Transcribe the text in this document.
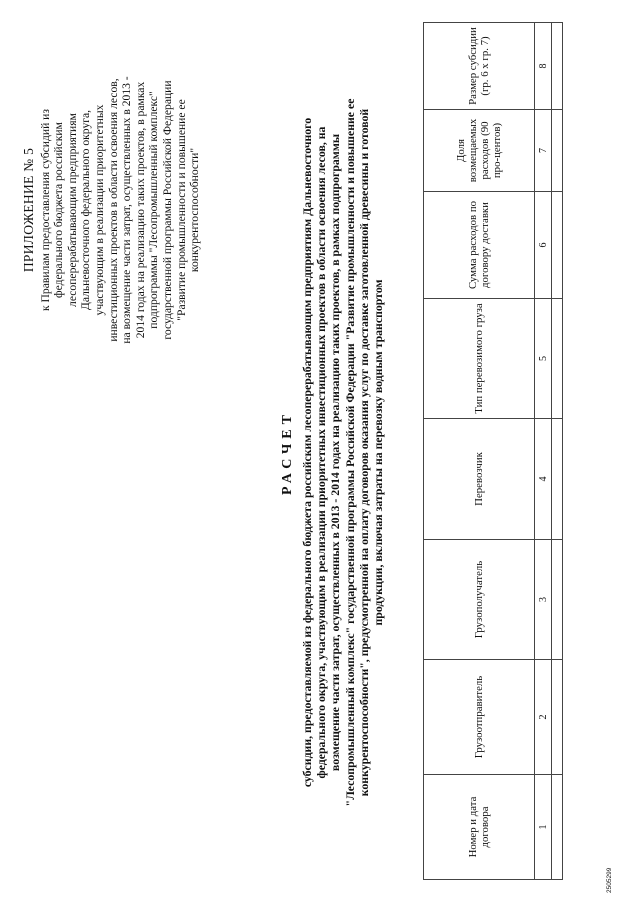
ПРИЛОЖЕНИЕ № 5 к Правилам предоставления субсидий из федерального бюджета российским лесоперерабатывающим предприятиям Дальневосточного федерального округа, участвующим в реализации приоритетных инвестиционных проектов в области освоения лесов, на возмещение части затрат, осуществленных в 2013 - 2014 годах на реализацию таких проектов, в рамках подпрограммы "Лесопромышленный комплекс" государственной программы Российской Федерации "Развитие промышленности и повышение ее конкурентоспособности"
РАСЧЕТ субсидии, предоставляемой из федерального бюджета российским лесоперерабатывающим предприятиям Дальневосточного федерального округа, участвующим в реализации приоритетных инвестиционных проектов в области освоения лесов, на возмещение части затрат, осуществленных в 2013 - 2014 годах на реализацию таких проектов, в рамках подпрограммы "Лесопромышленный комплекс" государственной программы Российской Федерации "Развитие промышленности и повышение ее конкурентоспособности", предусмотренной на оплату договоров оказания услуг по доставке заготовленной древесины и готовой продукции, включая затраты на перевозку водным транспортом
Номер и дата договора	Грузоотправитель	Грузополучатель	Перевозчик	Тип перевозимого груза	Сумма расходов по договору доставки	Доля возмещаемых расходов (90 про-центов)	Размер субсидии (гр. 6 x гр. 7)
1	2	3	4	5	6	7	8

2505299
